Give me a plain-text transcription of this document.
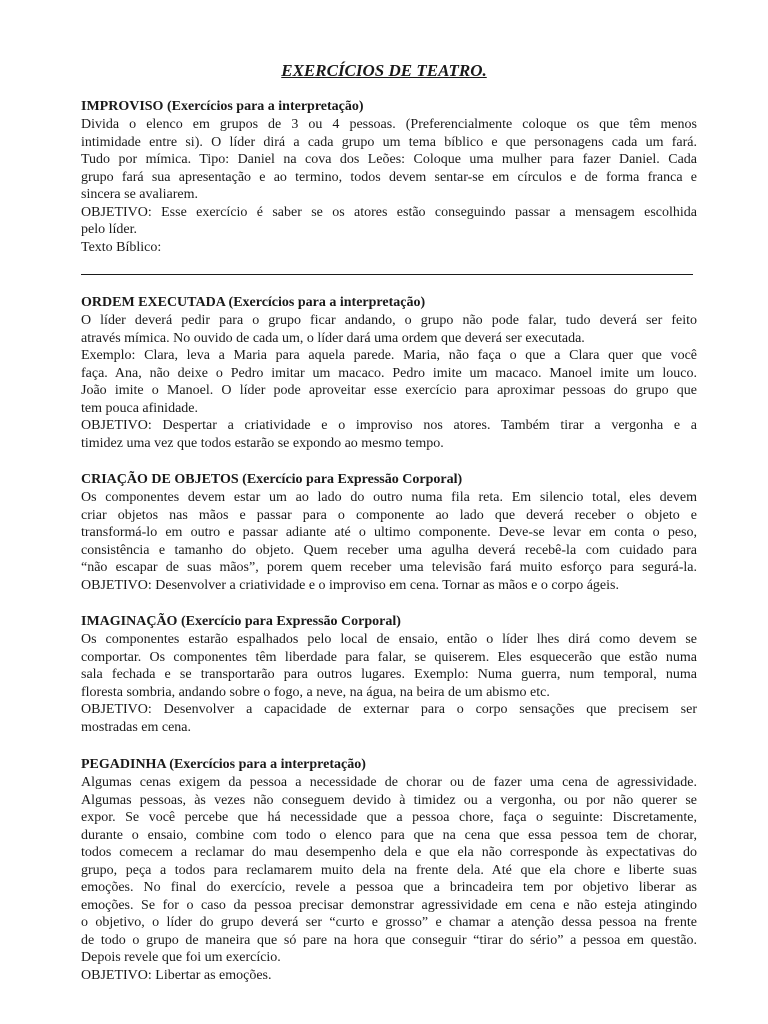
EXERCÍCIOS DE TEATRO.
IMPROVISO (Exercícios para a interpretação)
Divida o elenco em grupos de 3 ou 4 pessoas. (Preferencialmente coloque os que têm menos
intimidade entre si). O líder dirá a cada grupo um tema bíblico e que personagens cada um fará.
Tudo por mímica. Tipo: Daniel na cova dos Leões: Coloque uma mulher para fazer Daniel. Cada
grupo fará sua apresentação e ao termino, todos devem sentar-se em círculos e de forma franca e
sincera se avaliarem.
OBJETIVO: Esse exercício é saber se os atores estão conseguindo passar a mensagem escolhida
pelo líder.
Texto Bíblico:
ORDEM EXECUTADA (Exercícios para a interpretação)
O líder deverá pedir para o grupo ficar andando, o grupo não pode falar, tudo deverá ser feito
através mímica. No ouvido de cada um, o líder dará uma ordem que deverá ser executada.
Exemplo: Clara, leva a Maria para aquela parede. Maria, não faça o que a Clara quer que você
faça. Ana, não deixe o Pedro imitar um macaco. Pedro imite um macaco. Manoel imite um louco.
João imite o Manoel. O líder pode aproveitar esse exercício para aproximar pessoas do grupo que
tem pouca afinidade.
OBJETIVO: Despertar a criatividade e o improviso nos atores. Também tirar a vergonha e a
timidez uma vez que todos estarão se expondo ao mesmo tempo.
CRIAÇÃO DE OBJETOS (Exercício para Expressão Corporal)
Os componentes devem estar um ao lado do outro numa fila reta. Em silencio total, eles devem
criar objetos nas mãos e passar para o componente ao lado que deverá receber o objeto e
transformá-lo em outro e passar adiante até o ultimo componente. Deve-se levar em conta o peso,
consistência e tamanho do objeto. Quem receber uma agulha deverá recebê-la com cuidado para
“não escapar de suas mãos”, porem quem receber uma televisão fará muito esforço para segurá-la.
OBJETIVO: Desenvolver a criatividade e o improviso em cena. Tornar as mãos e o corpo ágeis.
IMAGINAÇÃO (Exercício para Expressão Corporal)
Os componentes estarão espalhados pelo local de ensaio, então o líder lhes dirá como devem se
comportar. Os componentes têm liberdade para falar, se quiserem. Eles esquecerão que estão numa
sala fechada e se transportarão para outros lugares. Exemplo: Numa guerra, num temporal, numa
floresta sombria, andando sobre o fogo, a neve, na água, na beira de um abismo etc.
OBJETIVO: Desenvolver a capacidade de externar para o corpo sensações que precisem ser
mostradas em cena.
PEGADINHA (Exercícios para a interpretação)
Algumas cenas exigem da pessoa a necessidade de chorar ou de fazer uma cena de agressividade.
Algumas pessoas, às vezes não conseguem devido à timidez ou a vergonha, ou por não querer se
expor. Se você percebe que há necessidade que a pessoa chore, faça o seguinte: Discretamente,
durante o ensaio, combine com todo o elenco para que na cena que essa pessoa tem de chorar,
todos comecem a reclamar do mau desempenho dela e que ela não corresponde às expectativas do
grupo, peça a todos para reclamarem muito dela na frente dela. Até que ela chore e liberte suas
emoções. No final do exercício, revele a pessoa que a brincadeira tem por objetivo liberar as
emoções. Se for o caso da pessoa precisar demonstrar agressividade em cena e não esteja atingindo
o objetivo, o líder do grupo deverá ser “curto e grosso” e chamar a atenção dessa pessoa na frente
de todo o grupo de maneira que só pare na hora que conseguir “tirar do sério” a pessoa em questão.
Depois revele que foi um exercício.
OBJETIVO: Libertar as emoções.
